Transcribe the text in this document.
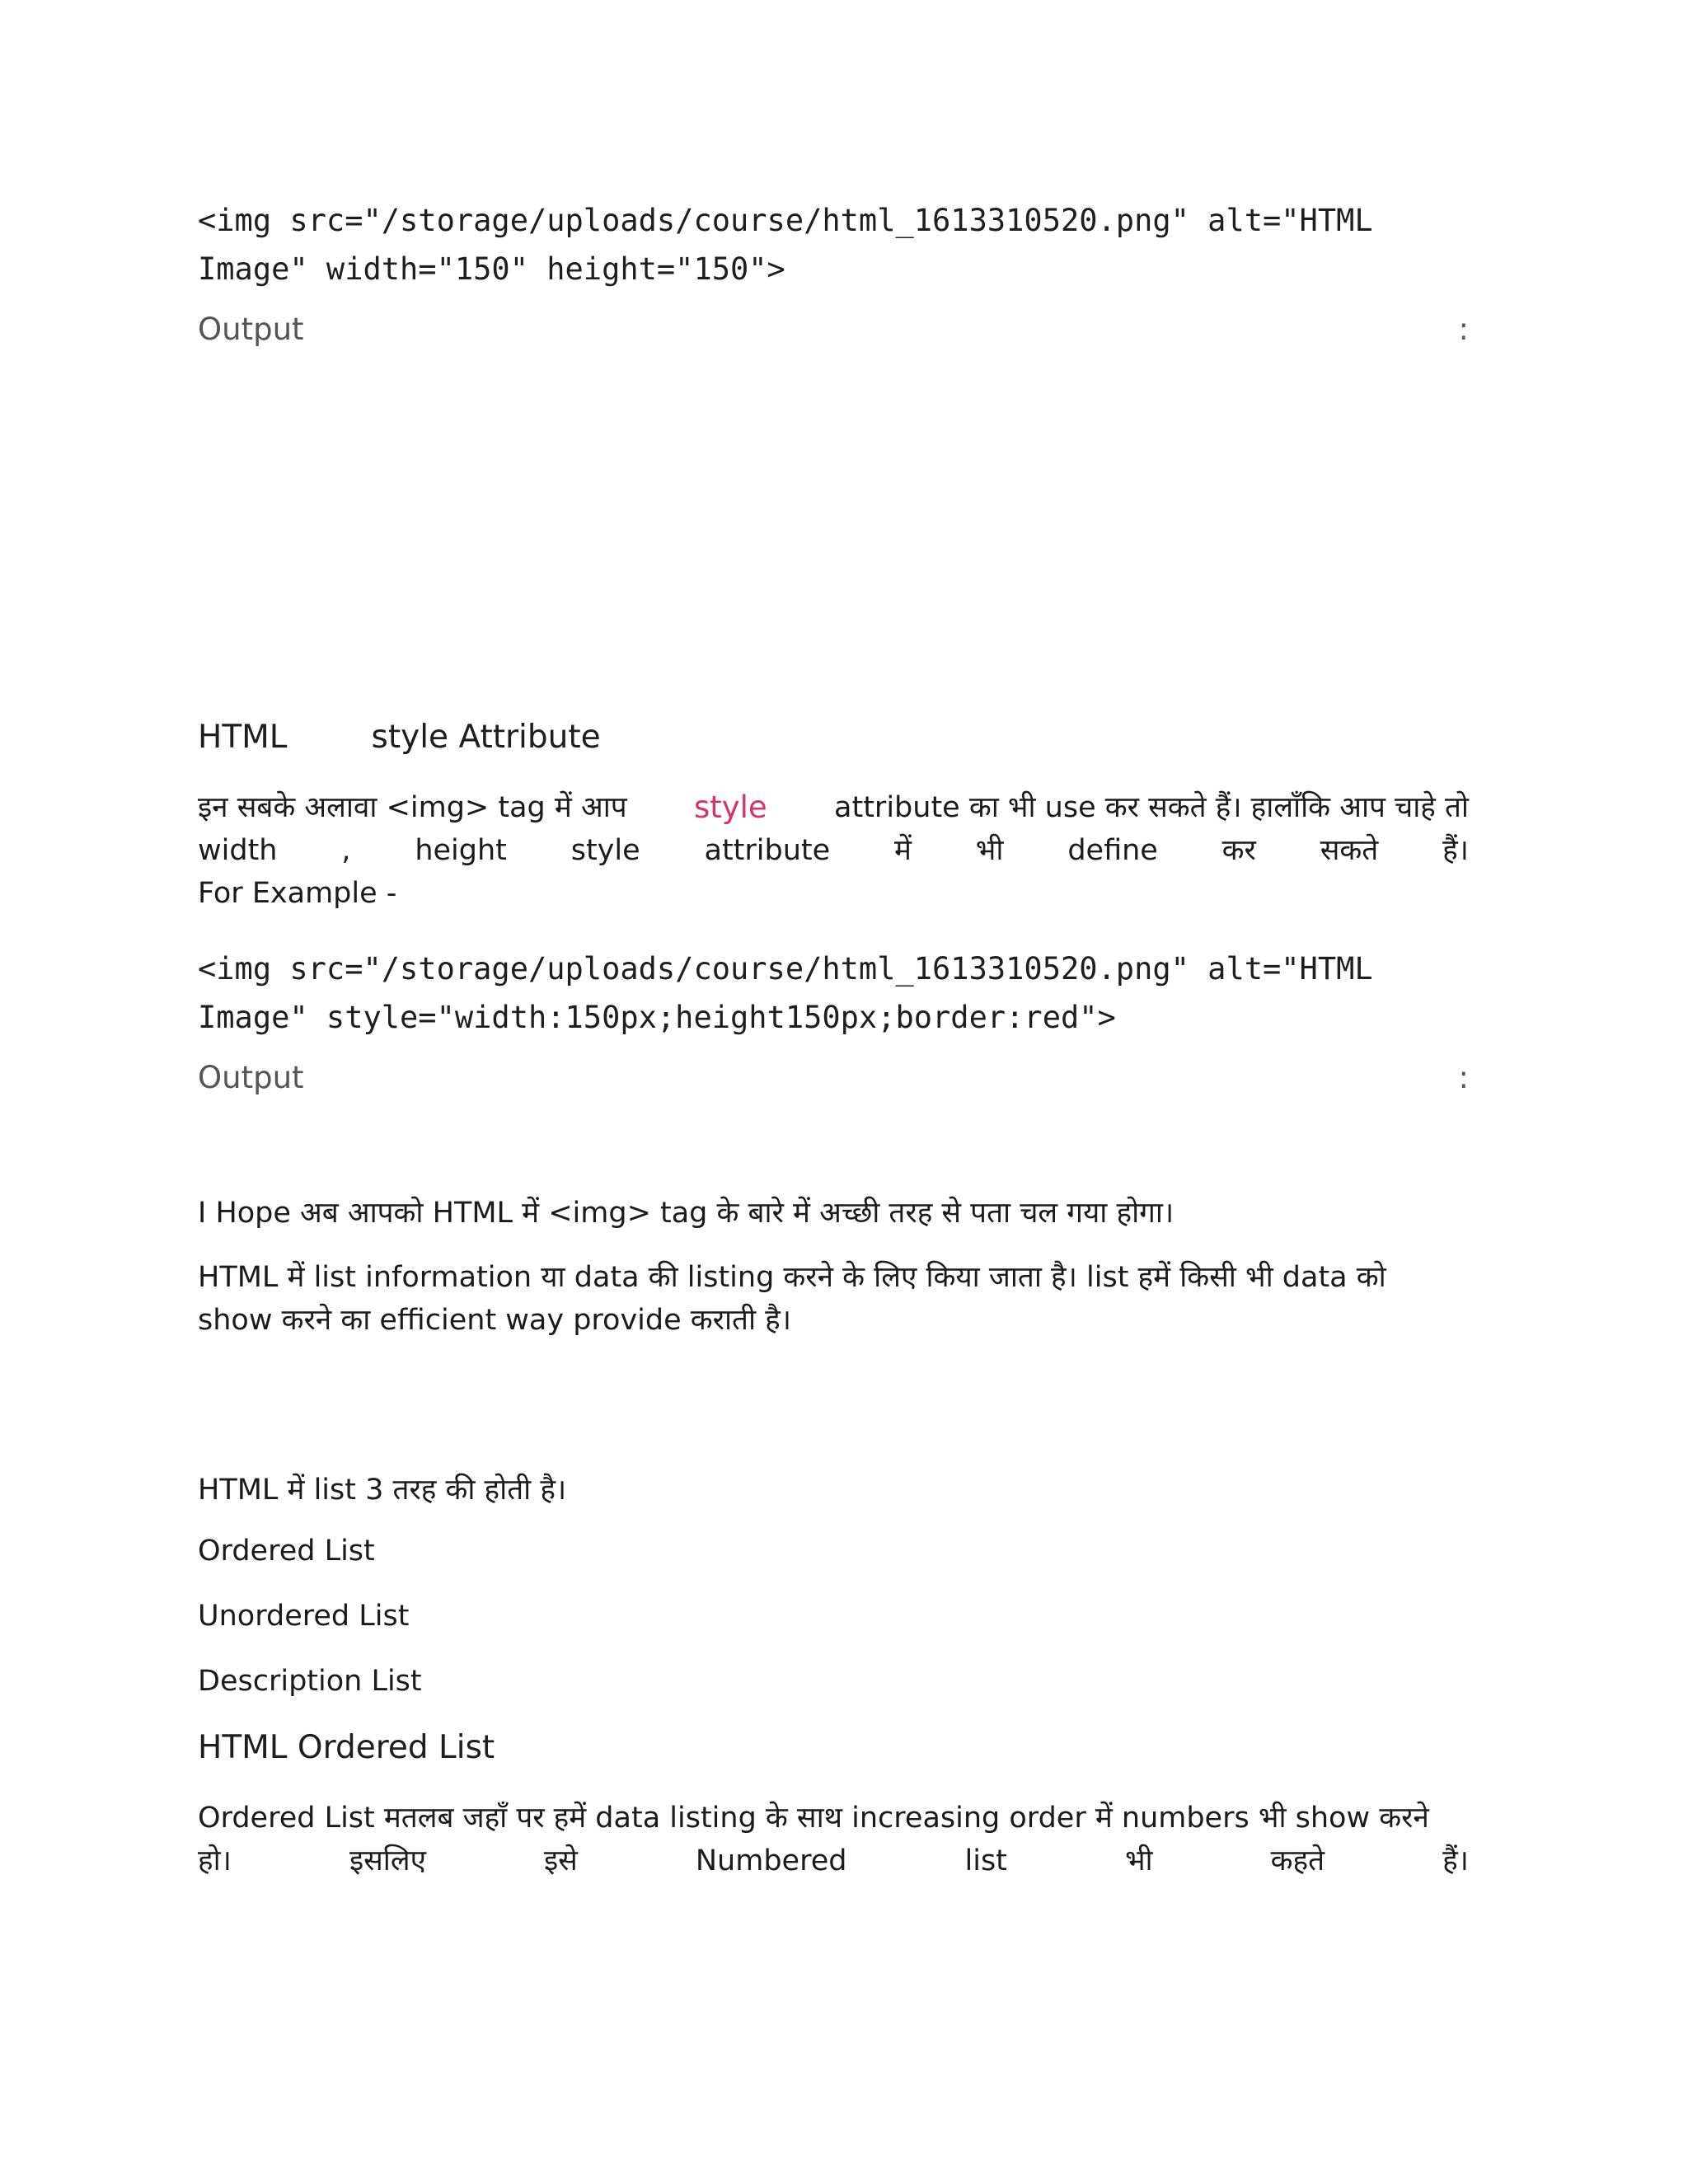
<img src="/storage/uploads/course/html_1613310520.png" alt="HTML
Image" width="150" height="150">
Output	:
HTML	style Attribute
इन सबके अलावा <img> tag में आप style attribute का भी use कर सकते हैं। हालाँकि आप चाहे तो
width , height style attribute में भी define कर सकते हैं।
For Example -
<img src="/storage/uploads/course/html_1613310520.png" alt="HTML
Image" style="width:150px;height150px;border:red">
Output	:
I Hope अब आपको HTML में <img> tag के बारे में अच्छी तरह से पता चल गया होगा।
HTML में list information या data की listing करने के लिए किया जाता है। list हमें किसी भी data को
show करने का efficient way provide कराती है।
HTML में list 3 तरह की होती है।
Ordered List
Unordered List
Description List
HTML Ordered List
Ordered List मतलब जहाँ पर हमें data listing के साथ increasing order में numbers भी show करने
हो।	इसलिए	इसे	Numbered	list	भी	कहते	हैं।
